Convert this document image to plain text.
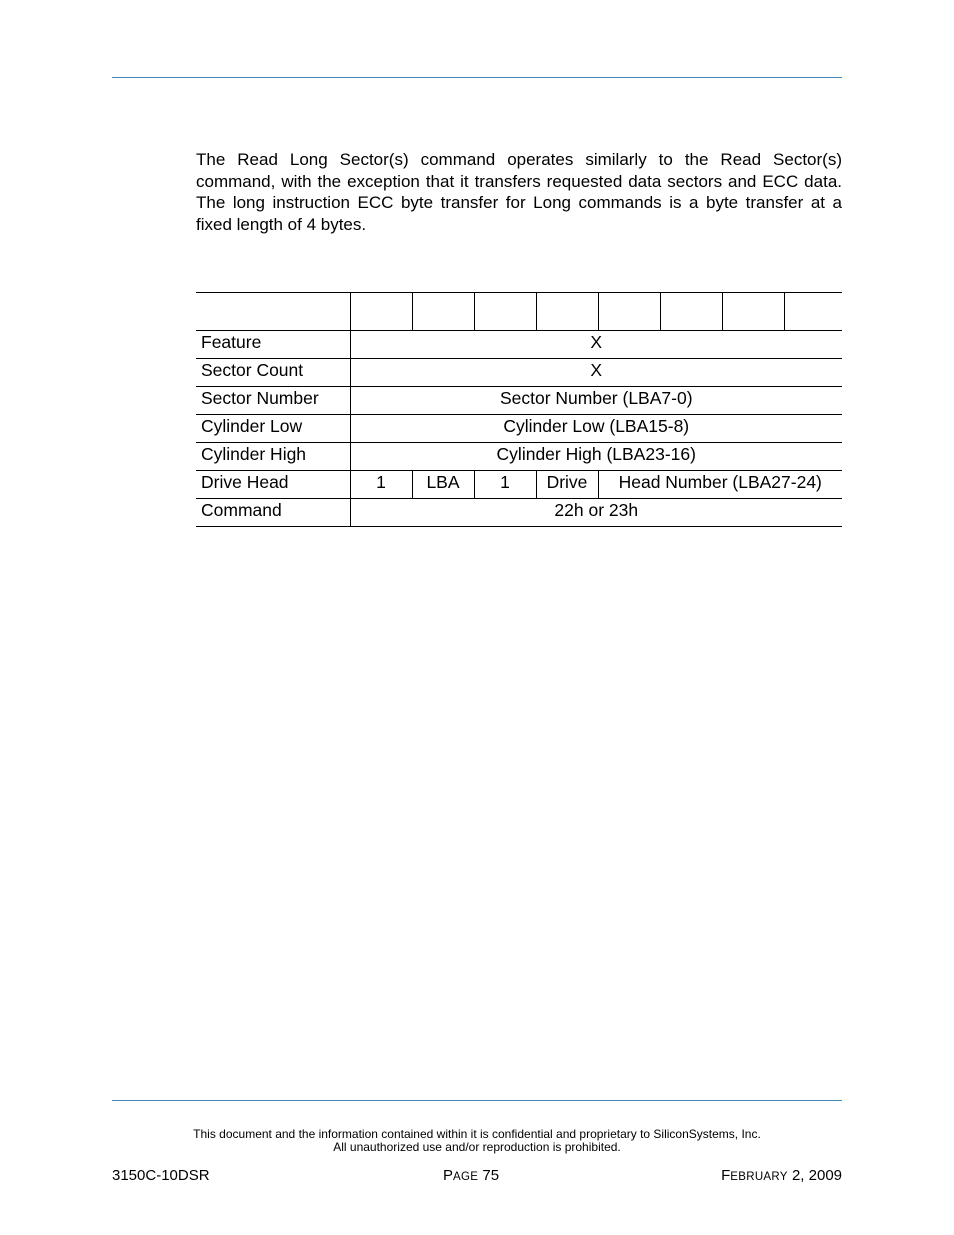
The Read Long Sector(s) command operates similarly to the Read Sector(s) command, with the exception that it transfers requested data sectors and ECC data. The long instruction ECC byte transfer for Long commands is a byte transfer at a fixed length of 4 bytes.

Feature	X							
Sector Count	X							
Sector Number	Sector Number (LBA7-0)							
Cylinder Low	Cylinder Low (LBA15-8)							
Cylinder High	Cylinder High (LBA23-16)							
Drive Head	1	LBA	1	Drive	Head Number (LBA27-24)			
Command	22h or 23h							
This document and the information contained within it is confidential and proprietary to SiliconSystems, Inc.
All unauthorized use and/or reproduction is prohibited.
3150C-10DSR	PAGE 75	FEBRUARY 2, 2009
